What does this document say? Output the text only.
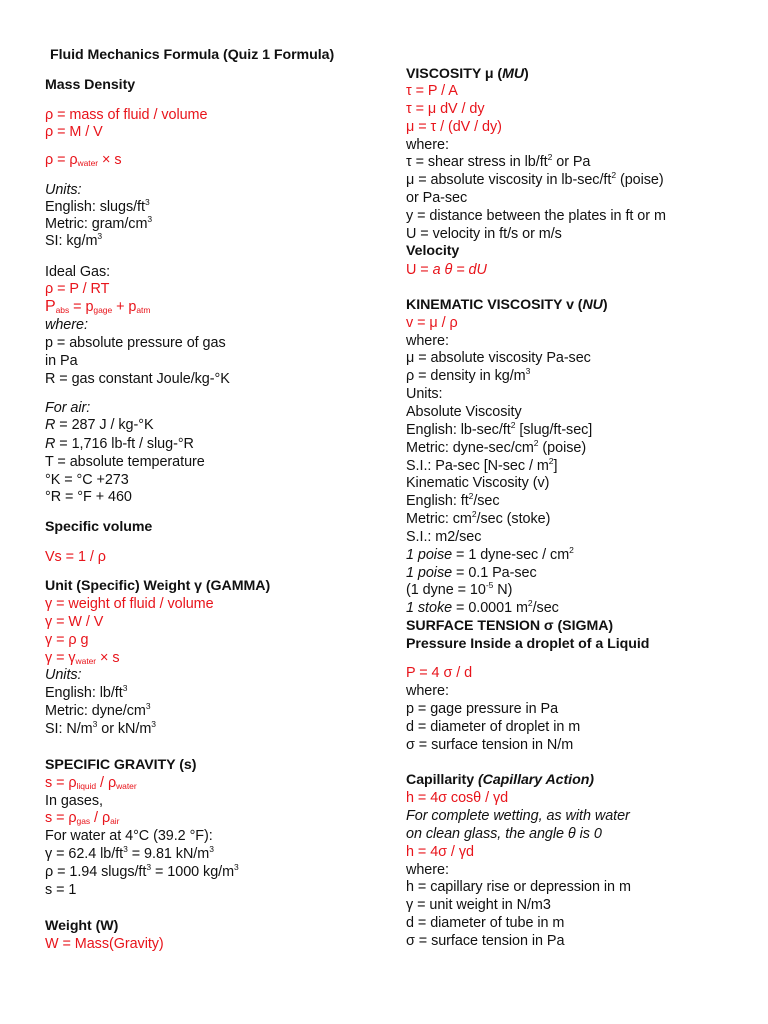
Fluid Mechanics Formula (Quiz 1 Formula)
Mass Density
ρ = mass of fluid / volume
ρ = M / V
$\rho = \rho_{water} \times s$
Units:
English: slugs/$ft^3$
Metric: gram/$cm^3$
SI: $kg/m^3$
Ideal Gas:
ρ = P / RT
$P_{abs} = p_{gage} + p_{atm}$
where:
p = absolute pressure of gas
in Pa
R = gas constant Joule/kg-°K
For air:
R = 287 J / kg-°K
R = 1,716 lb-ft / slug-°R
T = absolute temperature
°K = °C +273
°R = °F + 460
Specific volume
Vs = 1 / ρ
Unit (Specific) Weight γ (GAMMA)
γ = weight of fluid / volume
γ = W / V
γ = ρ g
$\gamma = \gamma_{water} \times s$
Units:
English: $lb/ft^3$
Metric: dyne/$cm^3$
SI: $N/m^3$ or $kN/m^3$
SPECIFIC GRAVITY (s)
$s = \rho_{liquid} / \rho_{water}$
In gases,
$s = \rho_{gas} / \rho_{air}$
For water at 4°C (39.2 °F):
γ = 62.4 $lb/ft^3 = 9.81$ $kN/m^3$
ρ = 1.94 slugs/$ft^3 = 1000$ $kg/m^3$
s = 1
Weight (W)
W = Mass(Gravity)
VISCOSITY μ (MU)
τ = P / A
τ = μ dV / dy
μ = τ / (dV / dy)
where:
τ = shear stress in $lb/ft^2$ or Pa
μ = absolute viscosity in $lb-\sec/ft^2$ (poise)
or Pa-sec
y = distance between the plates in ft or m
U = velocity in ft/s or m/s
Velocity
U = a θ = dU
KINEMATIC VISCOSITY v (NU)
v = μ / ρ
where:
μ = absolute viscosity Pa-sec
ρ = density in $kg/m^3$
Units:
Absolute Viscosity
English: $lb-\sec/ft^2$ [slug/ft-sec]
Metric: dyne-$\sec/cm^2$ (poise)
S.I.: Pa-sec $[N-\sec / m^2]$
Kinematic Viscosity (v)
English: $ft^2/\sec$
Metric: $cm^2/\sec$ (stoke)
S.I.: m2/sec
1 poise = 1 dyne-sec / $cm^2$
1 poise = 0.1 Pa-sec
(1 dyne = $10^{-5}$ N)
1 stoke = 0.0001 $m^2/\sec$
SURFACE TENSION σ (SIGMA)
Pressure Inside a droplet of a Liquid
P = 4 σ / d
where:
p = gage pressure in Pa
d = diameter of droplet in m
σ = surface tension in N/m
Capillarity (Capillary Action)
h = 4σ cosθ / γd
For complete wetting, as with water
on clean glass, the angle θ is 0
h = 4σ / γd
where:
h = capillary rise or depression in m
γ = unit weight in N/m3
d = diameter of tube in m
σ = surface tension in Pa
